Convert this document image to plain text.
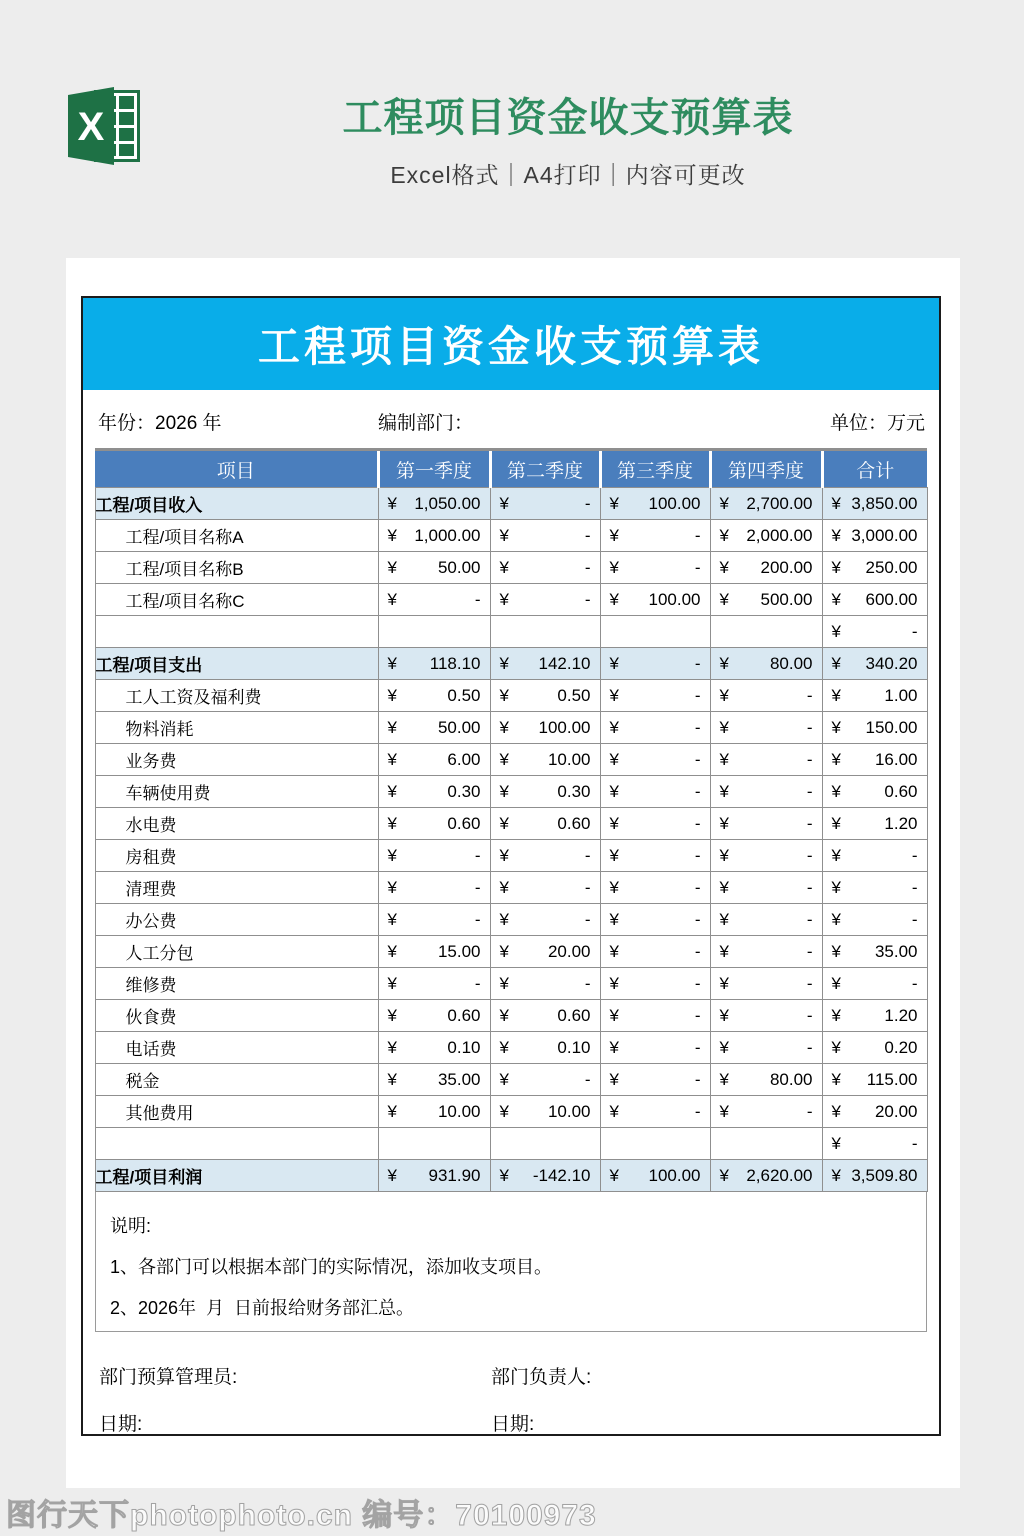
X	工程项目资金收支预算表
Excel格式｜A4打印｜内容可更改
工程项目资金收支预算表
年份：2026 年	编制部门：	单位：万元
项目	第一季度	第二季度	第三季度	第四季度	合计
工程/项目收入	¥ 1,050.00	¥ -	¥ 100.00	¥ 2,700.00	¥ 3,850.00

工程/项目名称A	¥ 1,000.00	¥ -	¥ -	¥ 2,000.00	¥ 3,000.00

工程/项目名称B	¥ 50.00	¥ -	¥ -	¥ 200.00	¥ 250.00

工程/项目名称C	¥ -	¥ -	¥ 100.00	¥ 500.00	¥ 600.00

					¥ -

工程/项目支出	¥ 118.10	¥ 142.10	¥ -	¥ 80.00	¥ 340.20

工人工资及福利费	¥ 0.50	¥ 0.50	¥ -	¥ -	¥ 1.00

物料消耗	¥ 50.00	¥ 100.00	¥ -	¥ -	¥ 150.00

业务费	¥ 6.00	¥ 10.00	¥ -	¥ -	¥ 16.00

车辆使用费	¥ 0.30	¥ 0.30	¥ -	¥ -	¥ 0.60

水电费	¥ 0.60	¥ 0.60	¥ -	¥ -	¥ 1.20

房租费	¥ -	¥ -	¥ -	¥ -	¥ -

清理费	¥ -	¥ -	¥ -	¥ -	¥ -

办公费	¥ -	¥ -	¥ -	¥ -	¥ -

人工分包	¥ 15.00	¥ 20.00	¥ -	¥ -	¥ 35.00

维修费	¥ -	¥ -	¥ -	¥ -	¥ -

伙食费	¥ 0.60	¥ 0.60	¥ -	¥ -	¥ 1.20

电话费	¥ 0.10	¥ 0.10	¥ -	¥ -	¥ 0.20

税金	¥ 35.00	¥ -	¥ -	¥ 80.00	¥ 115.00

其他费用	¥ 10.00	¥ 10.00	¥ -	¥ -	¥ 20.00

					¥ -

工程/项目利润	¥ 931.90	¥ -142.10	¥ 100.00	¥ 2,620.00	¥ 3,509.80
说明:
1、各部门可以根据本部门的实际情况，添加收支项目。
2、2026年  月  日前报给财务部汇总。
部门预算管理员:
日期:
部门负责人:
日期:
图行天下photophoto.cn 编号：70100973
